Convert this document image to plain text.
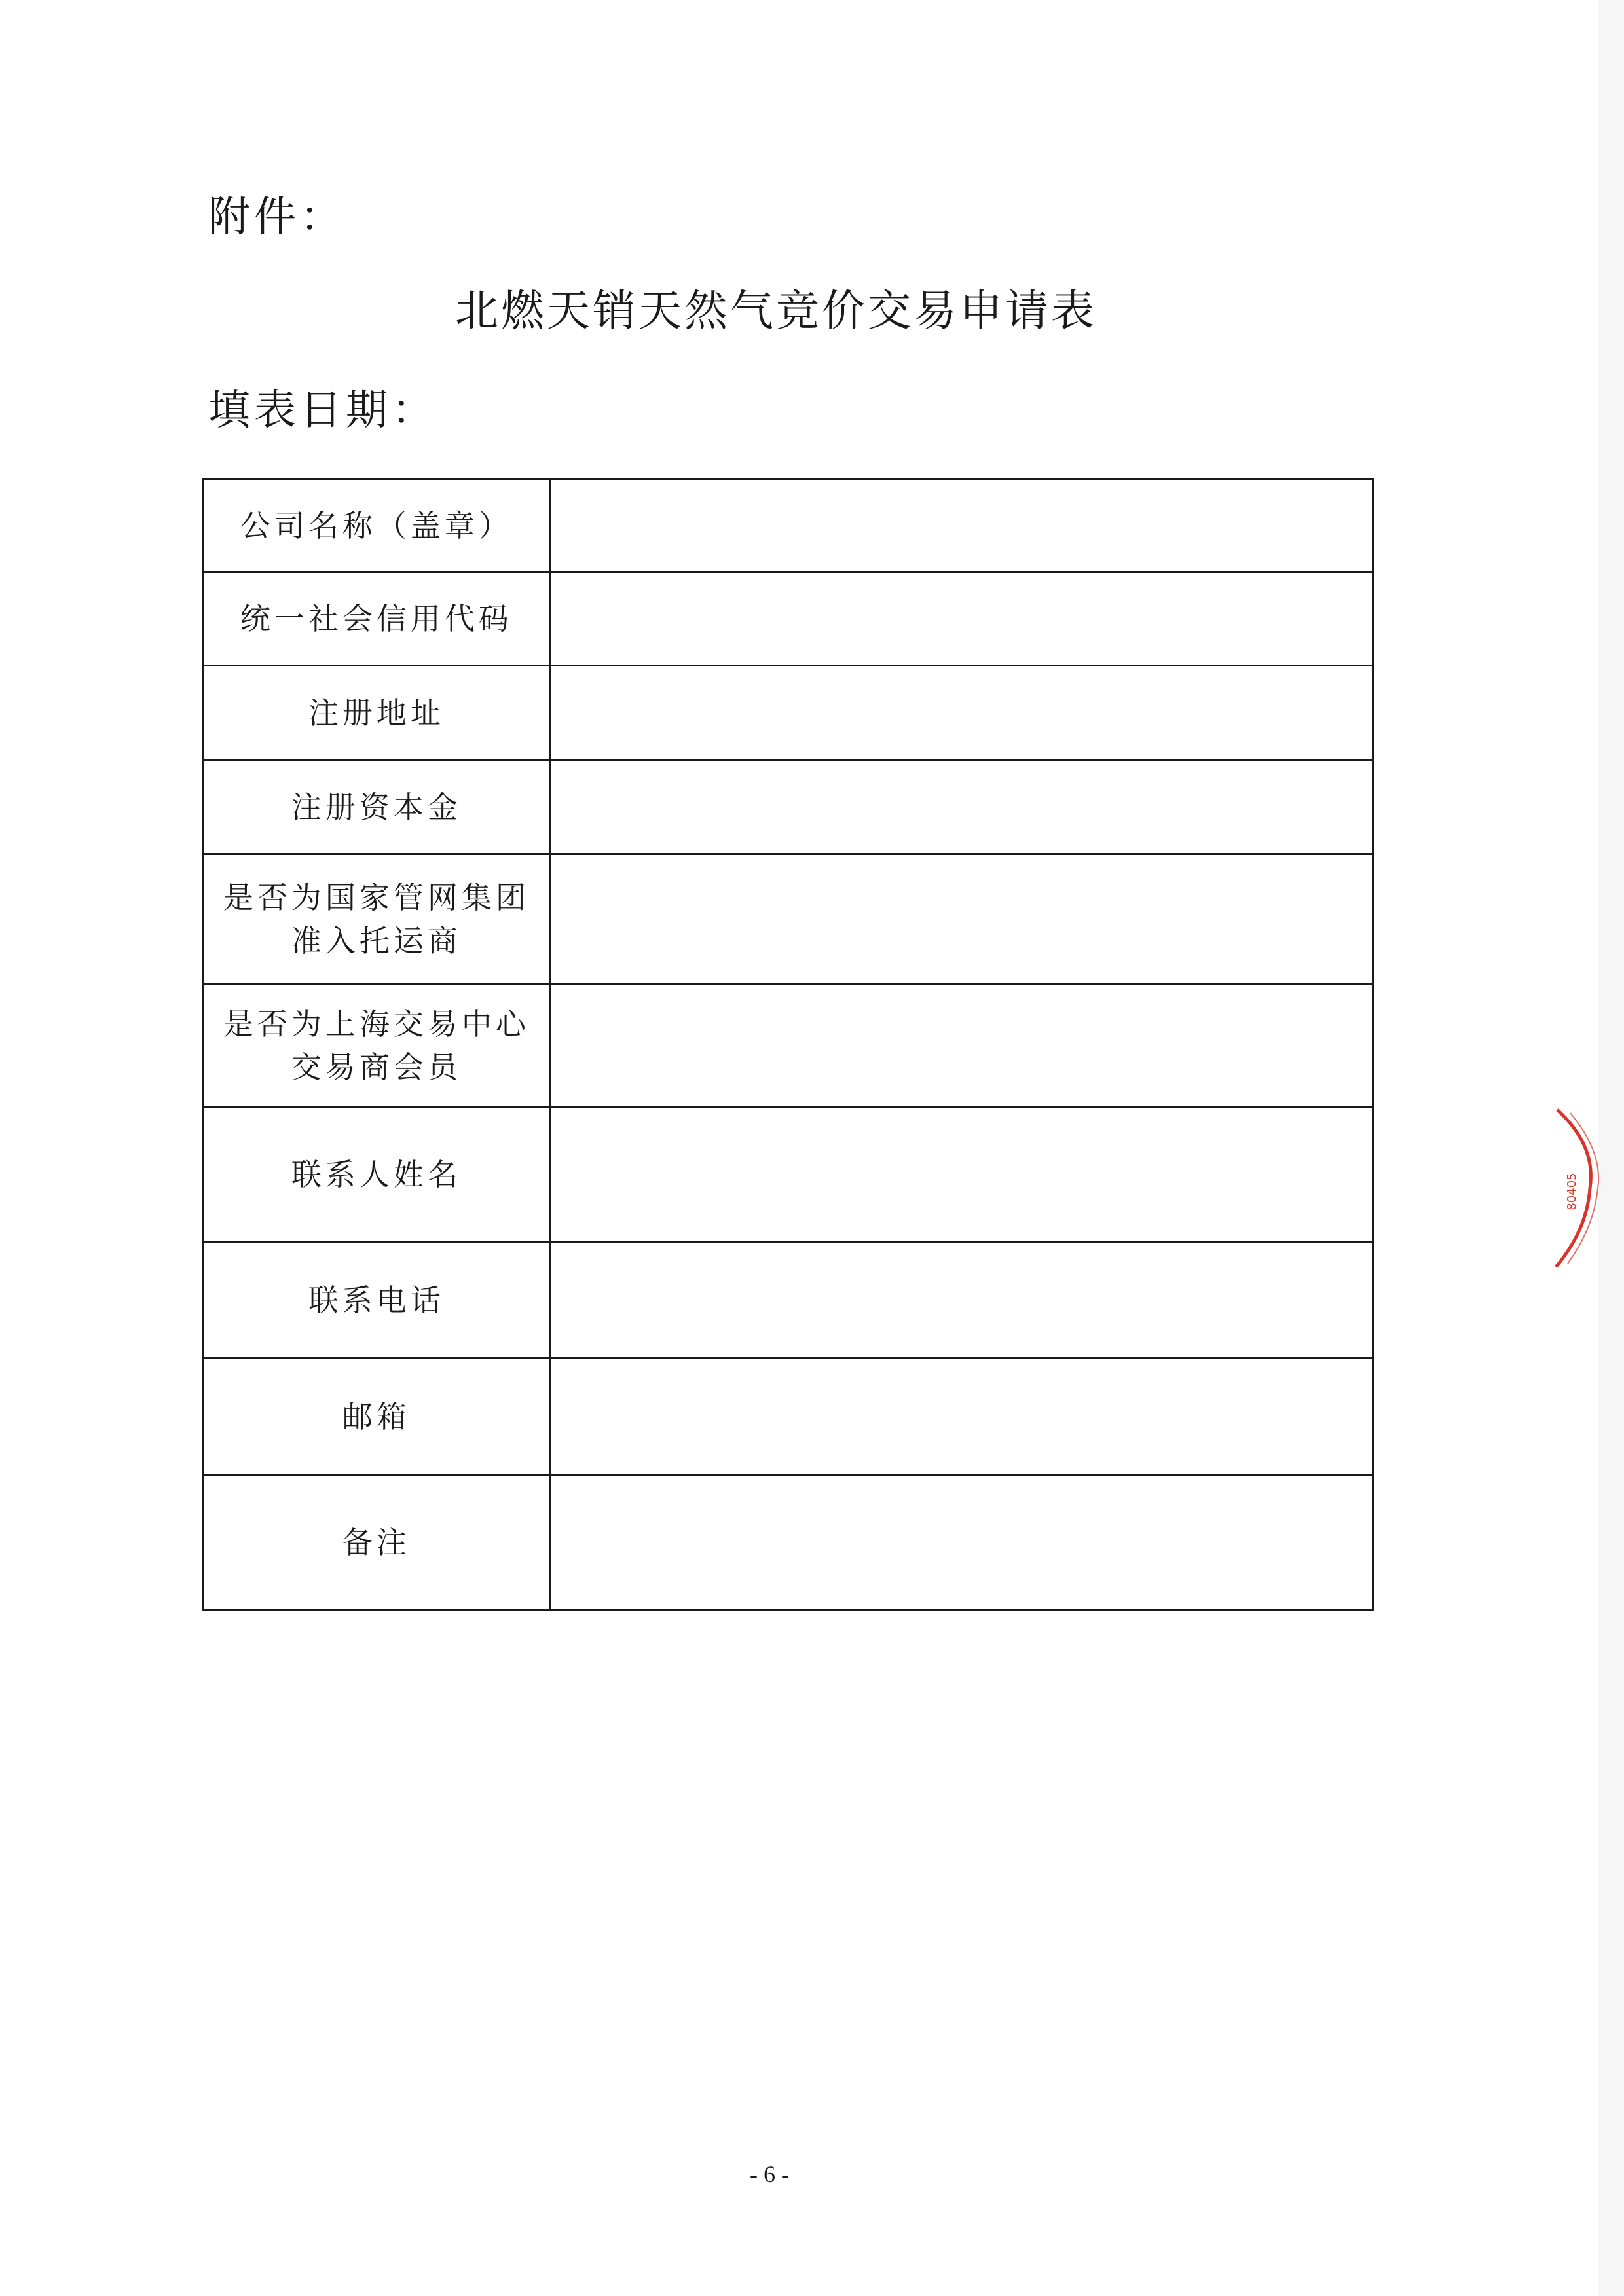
附件：
北燃天销天然气竞价交易申请表
填表日期：
公司名称（盖章）	
统一社会信用代码	
注册地址	
注册资本金	
是否为国家管网集团
准入托运商	
是否为上海交易中心
交易商会员	
联系人姓名	
联系电话	
邮箱	
备注	
80405
- 6 -
